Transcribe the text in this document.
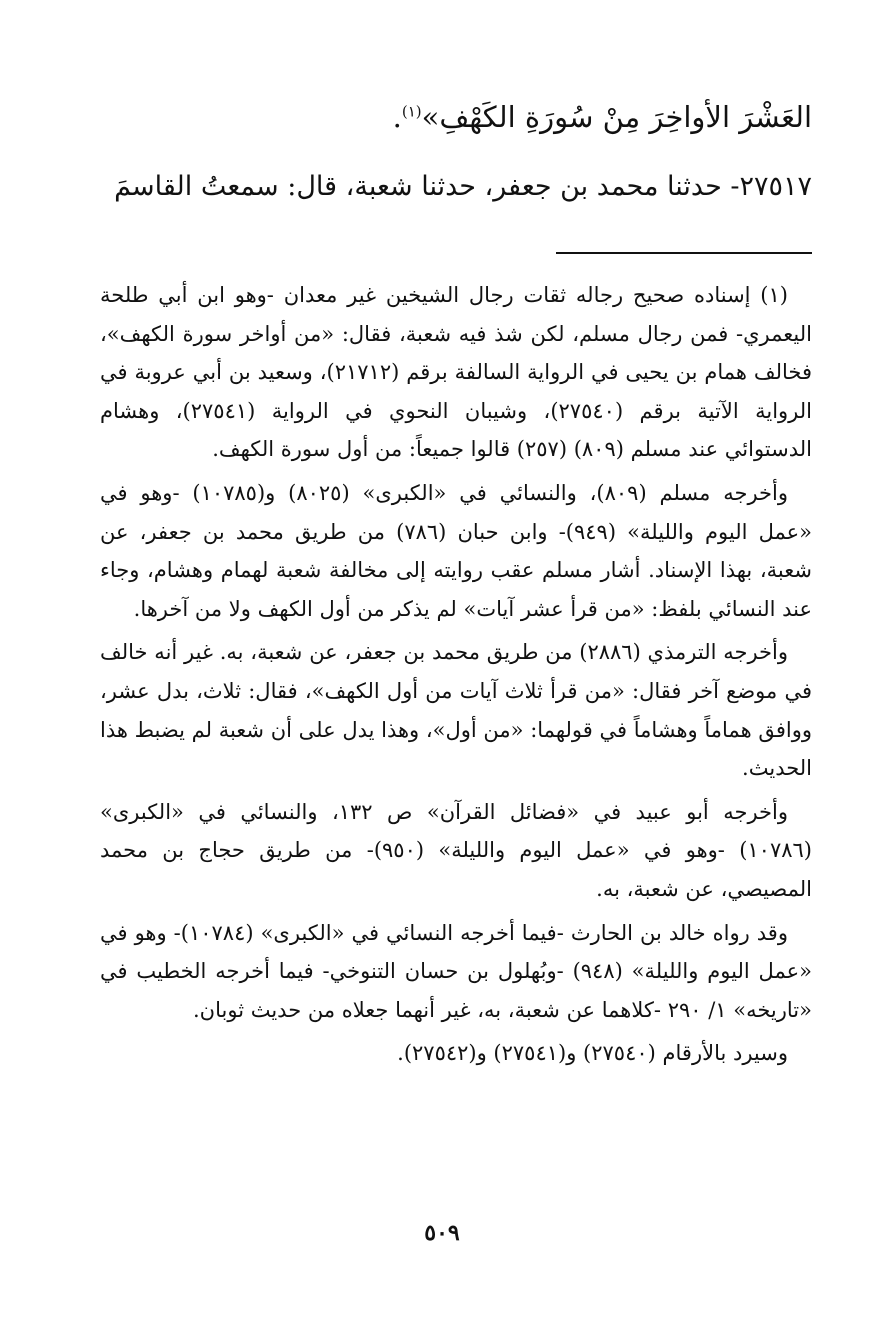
العَشْرَ الأواخِرَ مِنْ سُورَةِ الكَهْفِ»$^{(١)}$.

٢٧٥١٧- حدثنا محمد بن جعفر، حدثنا شعبة، قال: سمعتُ القاسمَ

(١) إسناده صحيح رجاله ثقات رجال الشيخين غير معدان -وهو ابن أبي طلحة اليعمري- فمن رجال مسلم، لكن شذ فيه شعبة، فقال: «من أواخر سورة الكهف»، فخالف همام بن يحيى في الرواية السالفة برقم (٢١٧١٢)، وسعيد بن أبي عروبة في الرواية الآتية برقم (٢٧٥٤٠)، وشيبان النحوي في الرواية (٢٧٥٤١)، وهشام الدستوائي عند مسلم (٨٠٩) (٢٥٧) قالوا جميعاً: من أول سورة الكهف.

وأخرجه مسلم (٨٠٩)، والنسائي في «الكبرى» (٨٠٢٥) و(١٠٧٨٥) -وهو في «عمل اليوم والليلة» (٩٤٩)- وابن حبان (٧٨٦) من طريق محمد بن جعفر، عن شعبة، بهذا الإسناد. أشار مسلم عقب روايته إلى مخالفة شعبة لهمام وهشام، وجاء عند النسائي بلفظ: «من قرأ عشر آيات» لم يذكر من أول الكهف ولا من آخرها.

وأخرجه الترمذي (٢٨٨٦) من طريق محمد بن جعفر، عن شعبة، به. غير أنه خالف في موضع آخر فقال: «من قرأ ثلاث آيات من أول الكهف»، فقال: ثلاث، بدل عشر، ووافق هماماً وهشاماً في قولهما: «من أول»، وهذا يدل على أن شعبة لم يضبط هذا الحديث.

وأخرجه أبو عبيد في «فضائل القرآن» ص ١٣٢، والنسائي في «الكبرى» (١٠٧٨٦) -وهو في «عمل اليوم والليلة» (٩٥٠)- من طريق حجاج بن محمد المصيصي، عن شعبة، به.

وقد رواه خالد بن الحارث -فيما أخرجه النسائي في «الكبرى» (١٠٧٨٤)- وهو في «عمل اليوم والليلة» (٩٤٨) -وبُهلول بن حسان التنوخي- فيما أخرجه الخطيب في «تاريخه» ١/ ٢٩٠ -كلاهما عن شعبة، به، غير أنهما جعلاه من حديث ثوبان.

وسيرد بالأرقام (٢٧٥٤٠) و(٢٧٥٤١) و(٢٧٥٤٢).

٥٠٩
